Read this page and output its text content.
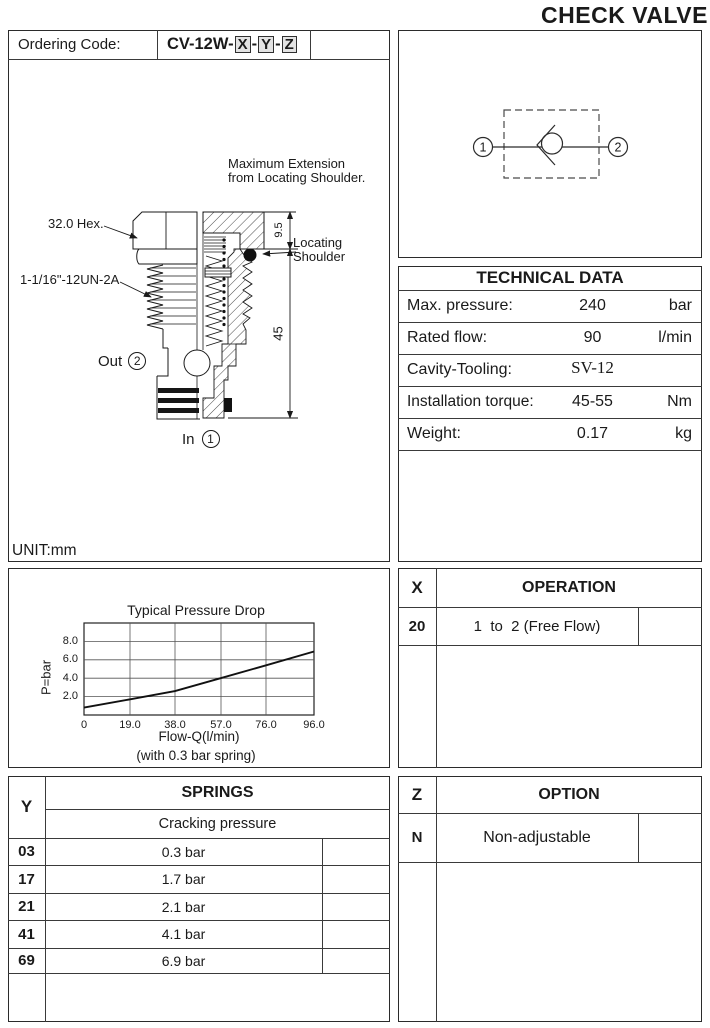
CHECK VALVE
Ordering Code:	CV-12W- X - Y - Z
1	2
Maximum Extension
from Locating Shoulder.
32.0 Hex.
1-1/16"-12UN-2A
9.5
Locating
Shoulder
45
Out 2
In	1
UNIT:mm
TECHNICAL DATA
Max. pressure:	240	bar
Rated flow:	90	l/min
Cavity-Tooling:	SV-12
Installation torque:	45-55	Nm
Weight:	0.17	kg
Typical Pressure Drop
8.0
6.0
4.0
2.0
0	19.0	38.0	57.0	76.0	96.0
P=bar
Flow-Q(l/min)
(with 0.3 bar spring)
X	OPERATION
20	1  to  2 (Free Flow)
Y
SPRINGS
Cracking pressure
03	0.3 bar
17	1.7 bar
21	2.1 bar
41	4.1 bar
69	6.9 bar
Z	OPTION
N	Non-adjustable
